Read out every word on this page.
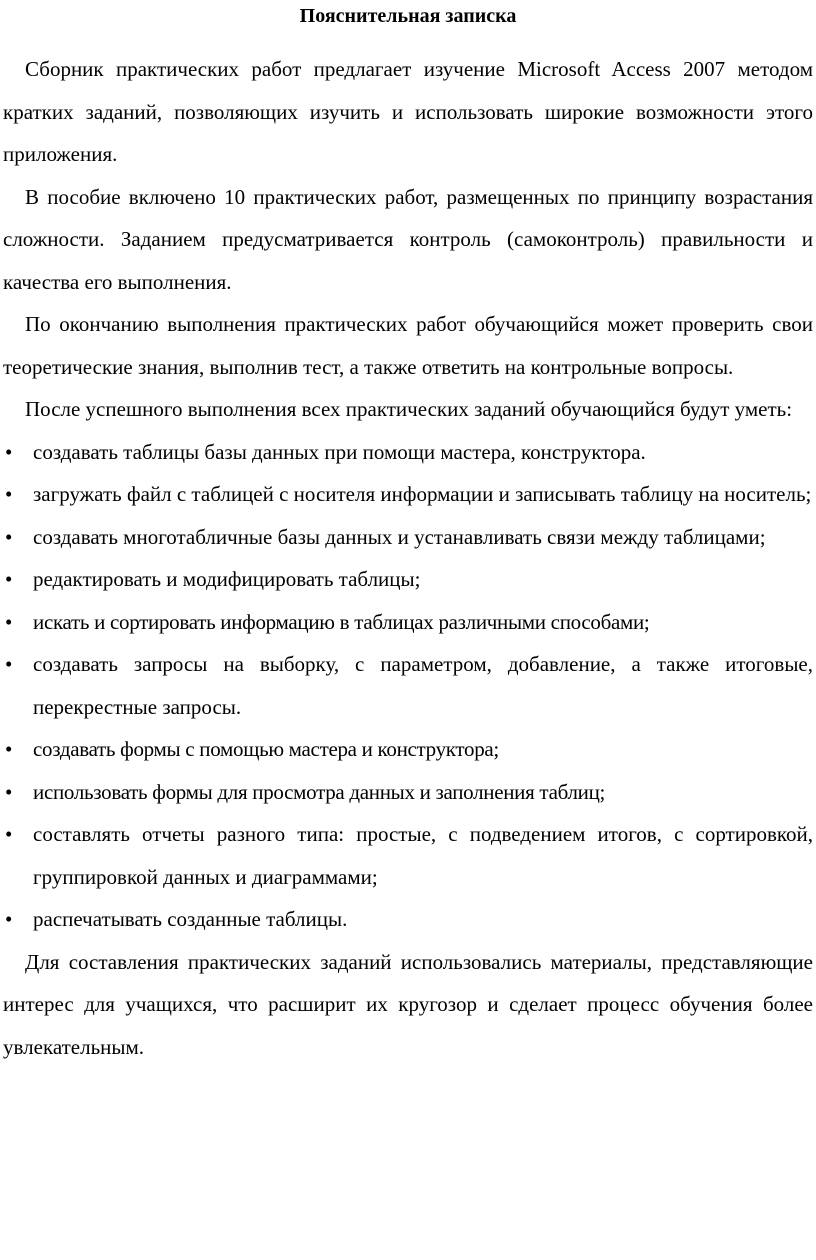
Пояснительная записка

Сборник практических работ предлагает изучение Microsoft Access 2007 методом кратких заданий, позволяющих изучить и использовать широкие возможности этого приложения.

В пособие включено 10 практических работ, размещенных по принципу возрастания сложности. Заданием предусматривается контроль (самоконтроль) правильности и качества его выполнения.

По окончанию выполнения практических работ обучающийся может проверить свои теоретические знания, выполнив тест, а также ответить на контрольные вопросы.

После успешного выполнения всех практических заданий обучающийся будут уметь:

• создавать таблицы базы данных при помощи мастера, конструктора.
• загружать файл с таблицей с носителя информации и записывать таблицу на носитель;
• создавать многотабличные базы данных и устанавливать связи между таблицами;
• редактировать и модифицировать таблицы;
• искать и сортировать информацию в таблицах различными способами;
• создавать запросы на выборку, с параметром, добавление, а также итоговые, перекрестные запросы.
• создавать формы с помощью мастера и конструктора;
• использовать формы для просмотра данных и заполнения таблиц;
• составлять отчеты разного типа: простые, с подведением итогов, с сортировкой, группировкой данных и диаграммами;
• распечатывать созданные таблицы.

Для составления практических заданий использовались материалы, представляющие интерес для учащихся, что расширит их кругозор и сделает процесс обучения более увлекательным.
